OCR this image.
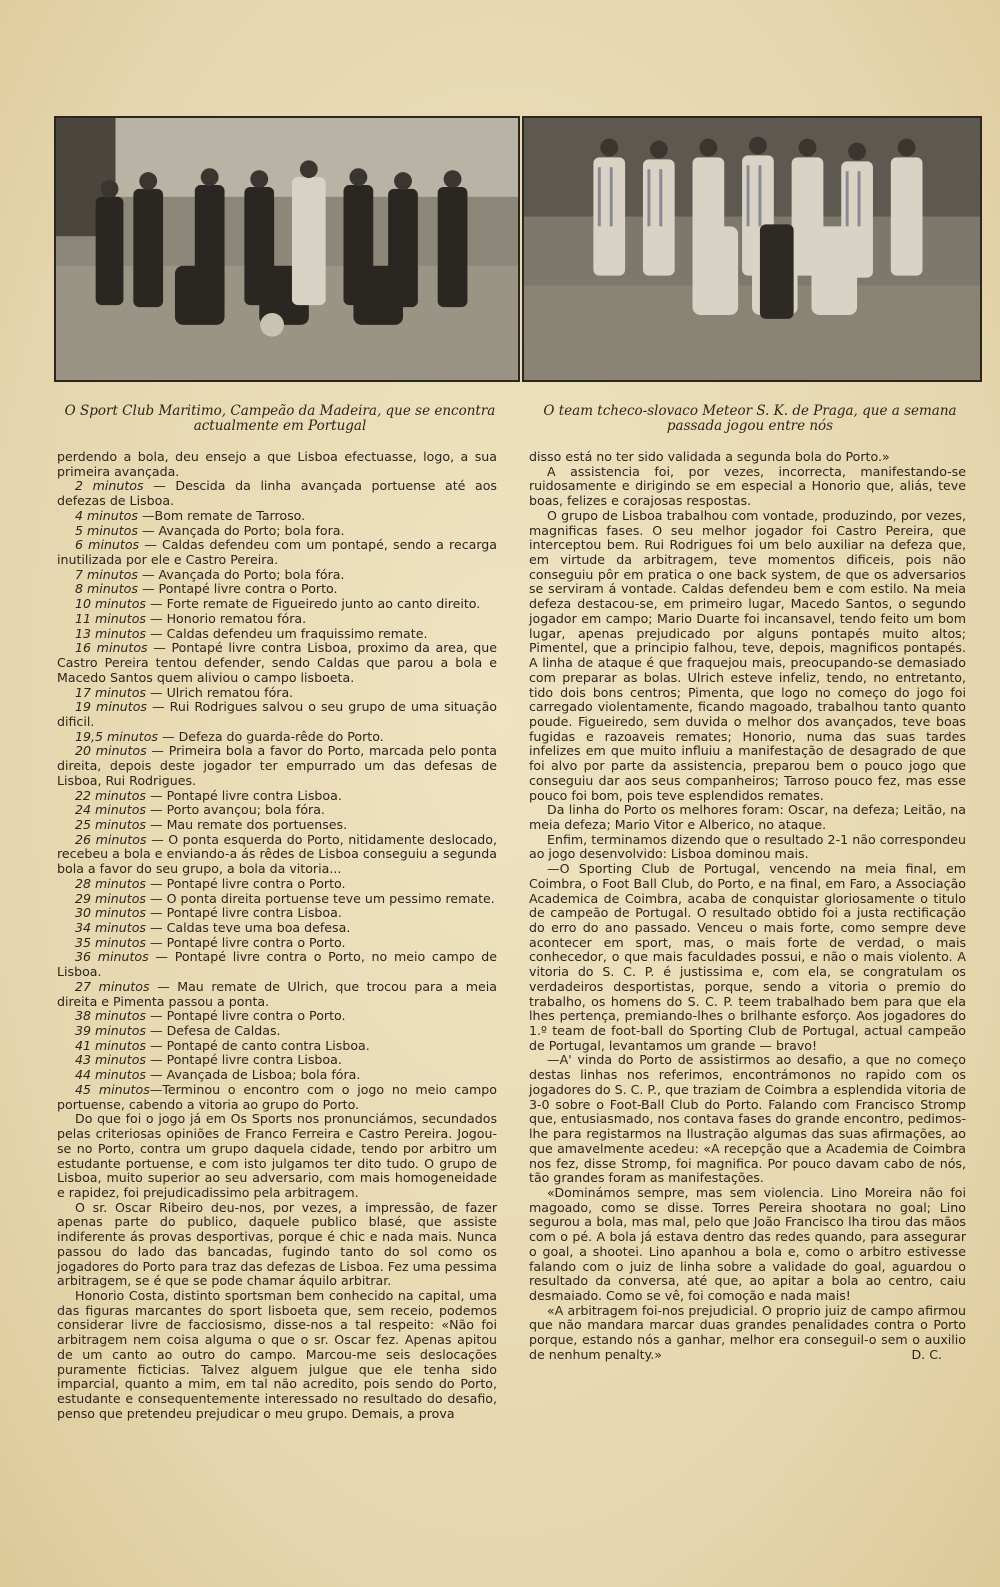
O Sport Club Maritimo, Campeão da Madeira, que se encontra actualmente em Portugal
O team tcheco-slovaco Meteor S. K. de Praga, que a semana passada jogou entre nós

perdendo a bola, deu ensejo a que Lisboa efectuasse, logo, a sua primeira avançada.

2 minutos — Descida da linha avançada portuense até aos defezas de Lisboa.

4 minutos —Bom remate de Tarroso.

5 minutos — Avançada do Porto; bola fora.

6 minutos — Caldas defendeu com um pontapé, sendo a recarga inutilizada por ele e Castro Pereira.

7 minutos — Avançada do Porto; bola fóra.

8 minutos — Pontapé livre contra o Porto.

10 minutos — Forte remate de Figueiredo junto ao canto direito.

11 minutos — Honorio rematou fóra.

13 minutos — Caldas defendeu um fraquissimo remate.

16 minutos — Pontapé livre contra Lisboa, proximo da area, que Castro Pereira tentou defender, sendo Caldas que parou a bola e Macedo Santos quem aliviou o campo lisboeta.

17 minutos — Ulrich rematou fóra.

19 minutos — Rui Rodrigues salvou o seu grupo de uma situação dificil.

19,5 minutos — Defeza do guarda-rêde do Porto.

20 minutos — Primeira bola a favor do Porto, marcada pelo ponta direita, depois deste jogador ter empurrado um das defesas de Lisboa, Rui Rodrigues.

22 minutos — Pontapé livre contra Lisboa.

24 minutos — Porto avançou; bola fóra.

25 minutos — Mau remate dos portuenses.

26 minutos — O ponta esquerda do Porto, nitidamente deslocado, recebeu a bola e enviando-a ás rêdes de Lisboa conseguiu a segunda bola a favor do seu grupo, a bola da vitoria...

28 minutos — Pontapé livre contra o Porto.

29 minutos — O ponta direita portuense teve um pessimo remate.

30 minutos — Pontapé livre contra Lisboa.

34 minutos — Caldas teve uma boa defesa.

35 minutos — Pontapé livre contra o Porto.

36 minutos — Pontapé livre contra o Porto, no meio campo de Lisboa.

27 minutos — Mau remate de Ulrich, que trocou para a meia direita e Pimenta passou a ponta.

38 minutos — Pontapé livre contra o Porto.

39 minutos — Defesa de Caldas.

41 minutos — Pontapé de canto contra Lisboa.

43 minutos — Pontapé livre contra Lisboa.

44 minutos — Avançada de Lisboa; bola fóra.

45 minutos—Terminou o encontro com o jogo no meio campo portuense, cabendo a vitoria ao grupo do Porto.

Do que foi o jogo já em Os Sports nos pronunciámos, secundados pelas criteriosas opiniões de Franco Ferreira e Castro Pereira. Jogou-se no Porto, contra um grupo daquela cidade, tendo por arbitro um estudante portuense, e com isto julgamos ter dito tudo. O grupo de Lisboa, muito superior ao seu adversario, com mais homogeneidade e rapidez, foi prejudicadissimo pela arbitragem.

O sr. Oscar Ribeiro deu-nos, por vezes, a impressão, de fazer apenas parte do publico, daquele publico blasé, que assiste indiferente ás provas desportivas, porque é chic e nada mais. Nunca passou do lado das bancadas, fugindo tanto do sol como os jogadores do Porto para traz das defezas de Lisboa. Fez uma pessima arbitragem, se é que se pode chamar áquilo arbitrar.

Honorio Costa, distinto sportsman bem conhecido na capital, uma das figuras marcantes do sport lisboeta que, sem receio, podemos considerar livre de facciosismo, disse-nos a tal respeito: «Não foi arbitragem nem coisa alguma o que o sr. Oscar fez. Apenas apitou de um canto ao outro do campo. Marcou-me seis deslocações puramente ficticias. Talvez alguem julgue que ele tenha sido imparcial, quanto a mim, em tal não acredito, pois sendo do Porto, estudante e consequentemente interessado no resultado do desafio, penso que pretendeu prejudicar o meu grupo. Demais, a prova

disso está no ter sido validada a segunda bola do Porto.»

A assistencia foi, por vezes, incorrecta, manifestando-se ruidosamente e dirigindo se em especial a Honorio que, aliás, teve boas, felizes e corajosas respostas.

O grupo de Lisboa trabalhou com vontade, produzindo, por vezes, magnificas fases. O seu melhor jogador foi Castro Pereira, que interceptou bem. Rui Rodrigues foi um belo auxiliar na defeza que, em virtude da arbitragem, teve momentos dificeis, pois não conseguiu pôr em pratica o one back system, de que os adversarios se serviram á vontade. Caldas defendeu bem e com estilo. Na meia defeza destacou-se, em primeiro lugar, Macedo Santos, o segundo jogador em campo; Mario Duarte foi incansavel, tendo feito um bom lugar, apenas prejudicado por alguns pontapés muito altos; Pimentel, que a principio falhou, teve, depois, magnificos pontapés. A linha de ataque é que fraquejou mais, preocupando-se demasiado com preparar as bolas. Ulrich esteve infeliz, tendo, no entretanto, tido dois bons centros; Pimenta, que logo no começo do jogo foi carregado violentamente, ficando magoado, trabalhou tanto quanto poude. Figueiredo, sem duvida o melhor dos avançados, teve boas fugidas e razoaveis remates; Honorio, numa das suas tardes infelizes em que muito influiu a manifestação de desagrado de que foi alvo por parte da assistencia, preparou bem o pouco jogo que conseguiu dar aos seus companheiros; Tarroso pouco fez, mas esse pouco foi bom, pois teve esplendidos remates.

Da linha do Porto os melhores foram: Oscar, na defeza; Leitão, na meia defeza; Mario Vitor e Alberico, no ataque.

Enfim, terminamos dizendo que o resultado 2-1 não correspondeu ao jogo desenvolvido: Lisboa dominou mais.

—O Sporting Club de Portugal, vencendo na meia final, em Coimbra, o Foot Ball Club, do Porto, e na final, em Faro, a Associação Academica de Coimbra, acaba de conquistar gloriosamente o titulo de campeão de Portugal. O resultado obtido foi a justa rectificação do erro do ano passado. Venceu o mais forte, como sempre deve acontecer em sport, mas, o mais forte de verdad, o mais conhecedor, o que mais faculdades possui, e não o mais violento. A vitoria do S. C. P. é justissima e, com ela, se congratulam os verdadeiros desportistas, porque, sendo a vitoria o premio do trabalho, os homens do S. C. P. teem trabalhado bem para que ela lhes pertença, premiando-lhes o brilhante esforço. Aos jogadores do 1.º team de foot-ball do Sporting Club de Portugal, actual campeão de Portugal, levantamos um grande — bravo!

—A' vinda do Porto de assistirmos ao desafio, a que no começo destas linhas nos referimos, encontrámonos no rapido com os jogadores do S. C. P., que traziam de Coimbra a esplendida vitoria de 3-0 sobre o Foot-Ball Club do Porto. Falando com Francisco Stromp que, entusiasmado, nos contava fases do grande encontro, pedimos-lhe para registarmos na Ilustração algumas das suas afirmações, ao que amavelmente acedeu: «A recepção que a Academia de Coimbra nos fez, disse Stromp, foi magnifica. Por pouco davam cabo de nós, tão grandes foram as manifestações.

«Dominámos sempre, mas sem violencia. Lino Moreira não foi magoado, como se disse. Torres Pereira shootara no goal; Lino segurou a bola, mas mal, pelo que João Francisco lha tirou das mãos com o pé. A bola já estava dentro das redes quando, para assegurar o goal, a shootei. Lino apanhou a bola e, como o arbitro estivesse falando com o juiz de linha sobre a validade do goal, aguardou o resultado da conversa, até que, ao apitar a bola ao centro, caiu desmaiado. Como se vê, foi comoção e nada mais!

«A arbitragem foi-nos prejudicial. O proprio juiz de campo afirmou que não mandara marcar duas grandes penalidades contra o Porto porque, estando nós a ganhar, melhor era conseguil-o sem o auxilio de nenhum penalty.»	D. C.
